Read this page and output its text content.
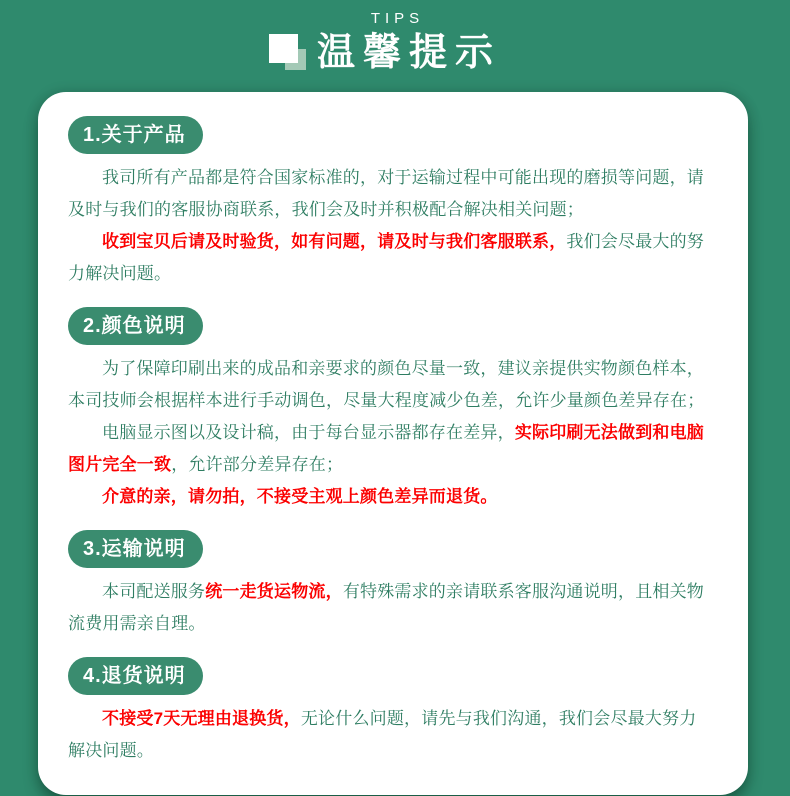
TIPS
温馨提示
1.关于产品

我司所有产品都是符合国家标准的，对于运输过程中可能出现的磨损等问题，请及时与我们的客服协商联系，我们会及时并积极配合解决相关问题；

收到宝贝后请及时验货，如有问题，请及时与我们客服联系，我们会尽最大的努力解决问题。

2.颜色说明

为了保障印刷出来的成品和亲要求的颜色尽量一致，建议亲提供实物颜色样本，本司技师会根据样本进行手动调色，尽量大程度减少色差，允许少量颜色差异存在；

电脑显示图以及设计稿，由于每台显示器都存在差异，实际印刷无法做到和电脑图片完全一致，允许部分差异存在；

介意的亲，请勿拍，不接受主观上颜色差异而退货。

3.运输说明

本司配送服务统一走货运物流，有特殊需求的亲请联系客服沟通说明，且相关物流费用需亲自理。

4.退货说明

不接受7天无理由退换货，无论什么问题，请先与我们沟通，我们会尽最大努力解决问题。
